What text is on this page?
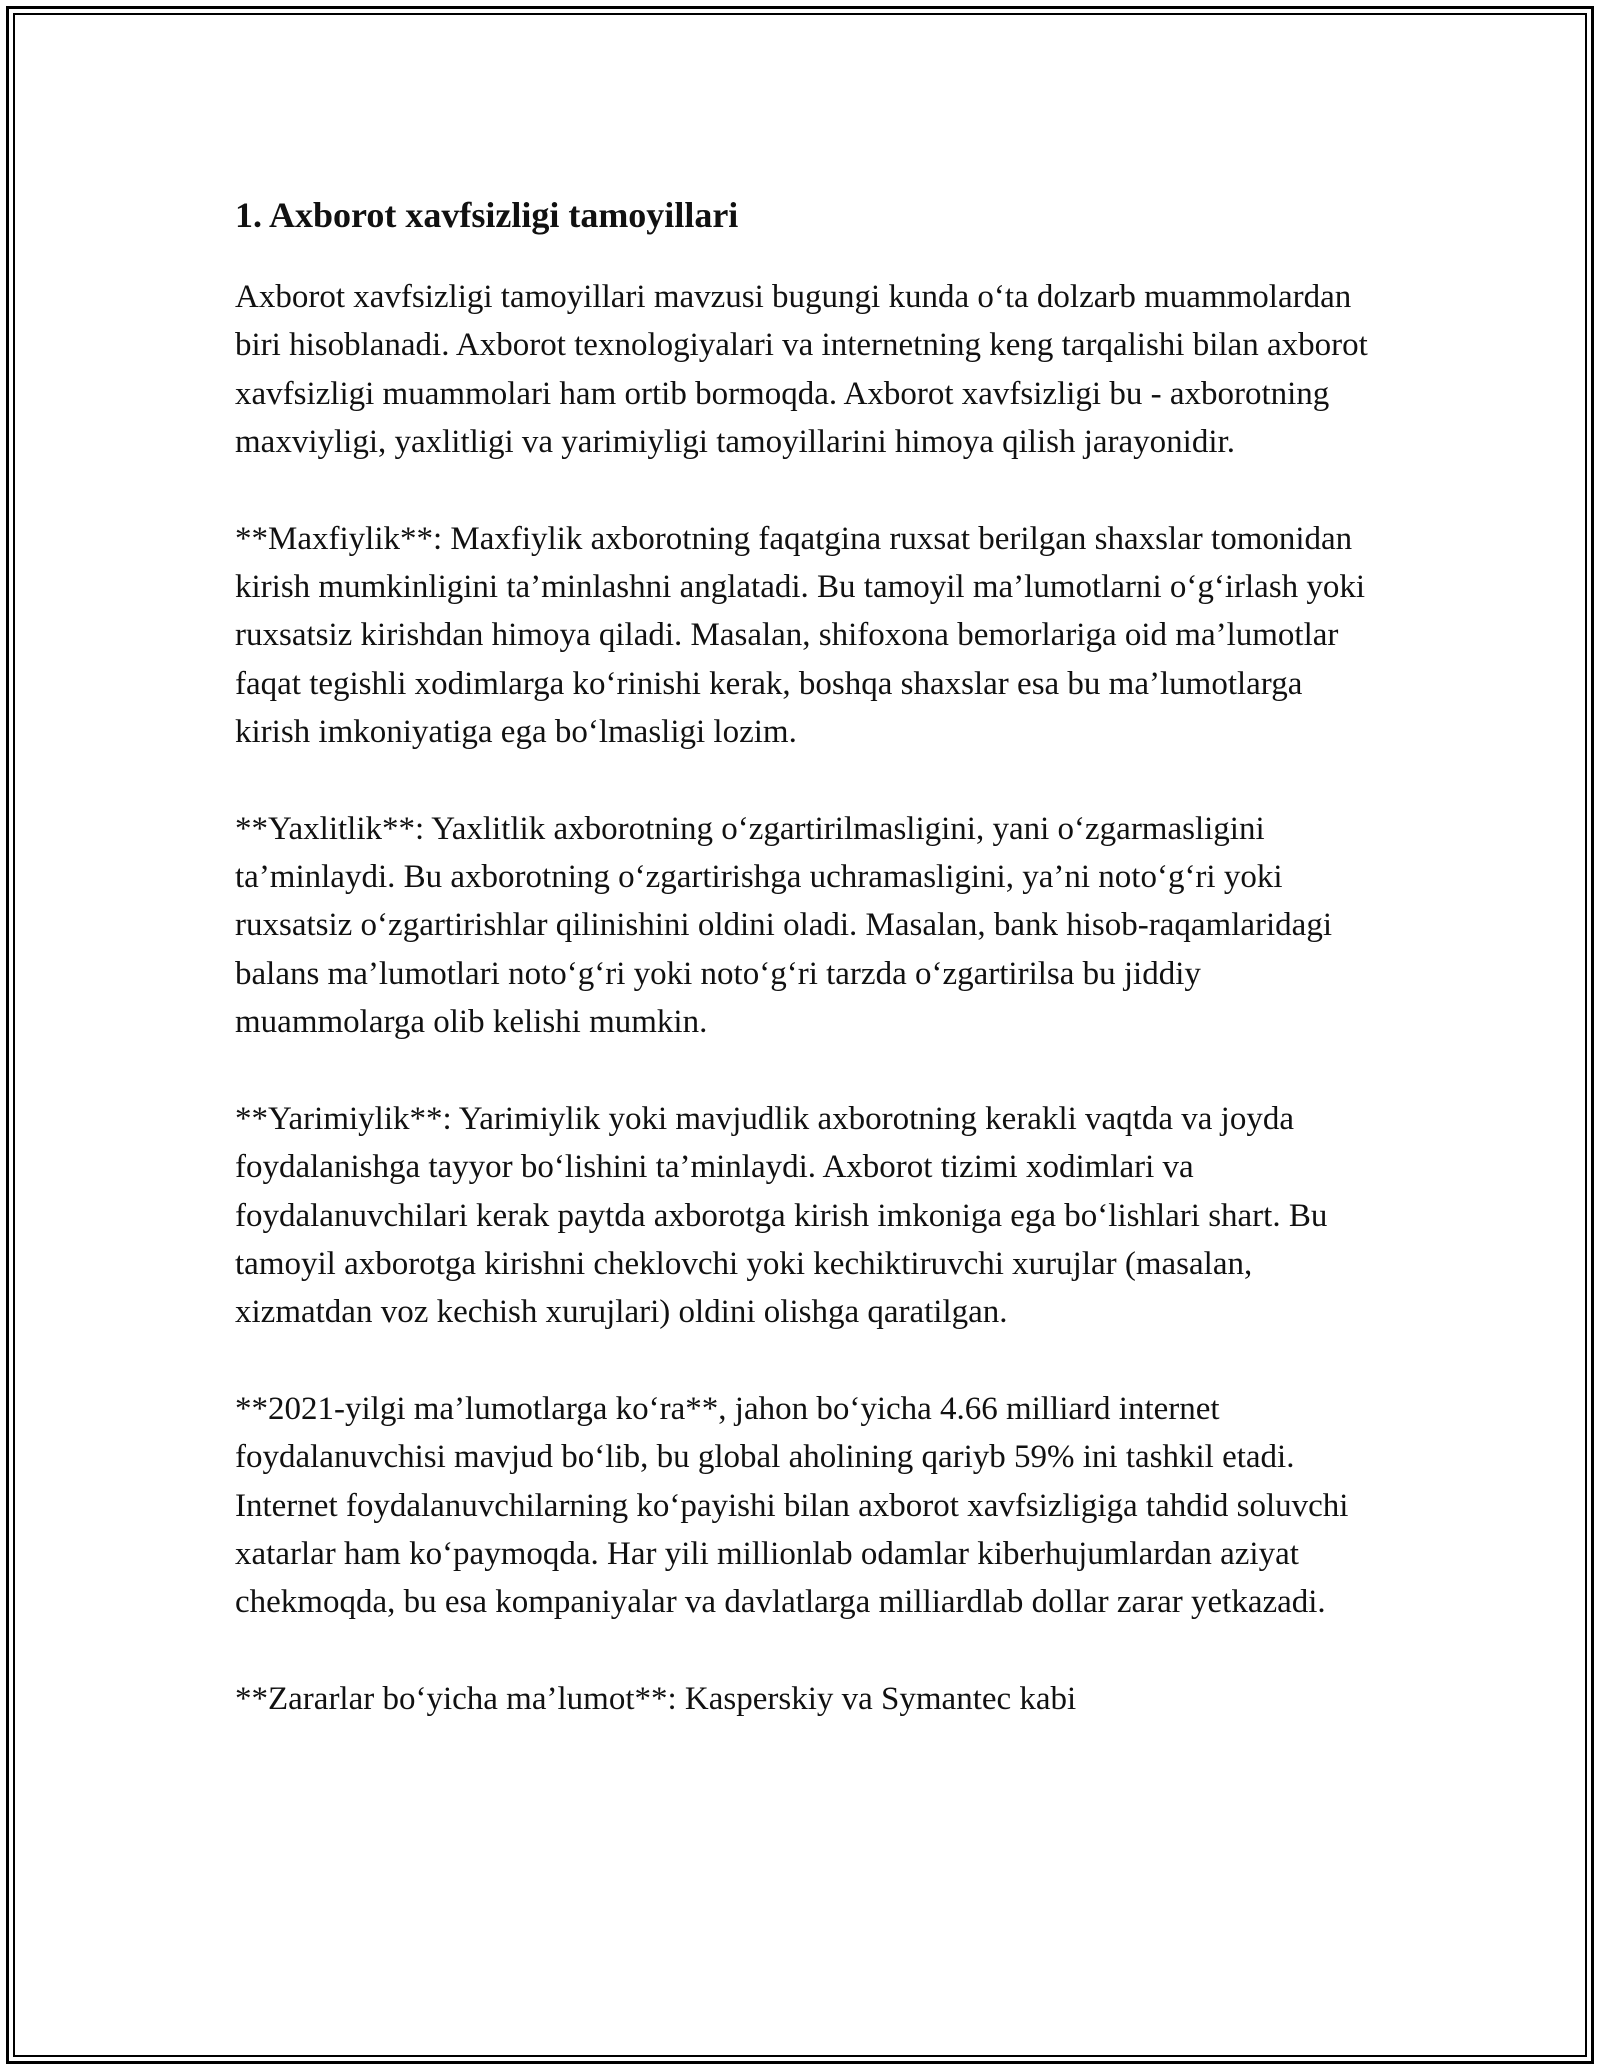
1. Axborot xavfsizligi tamoyillari

Axborot xavfsizligi tamoyillari mavzusi bugungi kunda o‘ta dolzarb muammolardan biri hisoblanadi. Axborot texnologiyalari va internetning keng tarqalishi bilan axborot xavfsizligi muammolari ham ortib bormoqda. Axborot xavfsizligi bu - axborotning maxviyligi, yaxlitligi va yarimiyligi tamoyillarini himoya qilish jarayonidir.

**Maxfiylik**: Maxfiylik axborotning faqatgina ruxsat berilgan shaxslar tomonidan kirish mumkinligini ta’minlashni anglatadi. Bu tamoyil ma’lumotlarni o‘g‘irlash yoki ruxsatsiz kirishdan himoya qiladi. Masalan, shifoxona bemorlariga oid ma’lumotlar faqat tegishli xodimlarga ko‘rinishi kerak, boshqa shaxslar esa bu ma’lumotlarga kirish imkoniyatiga ega bo‘lmasligi lozim.

**Yaxlitlik**: Yaxlitlik axborotning o‘zgartirilmasligini, yani o‘zgarmasligini ta’minlaydi. Bu axborotning o‘zgartirishga uchramasligini, ya’ni noto‘g‘ri yoki ruxsatsiz o‘zgartirishlar qilinishini oldini oladi. Masalan, bank hisob-raqamlaridagi balans ma’lumotlari noto‘g‘ri yoki noto‘g‘ri tarzda o‘zgartirilsa bu jiddiy muammolarga olib kelishi mumkin.

**Yarimiylik**: Yarimiylik yoki mavjudlik axborotning kerakli vaqtda va joyda foydalanishga tayyor bo‘lishini ta’minlaydi. Axborot tizimi xodimlari va foydalanuvchilari kerak paytda axborotga kirish imkoniga ega bo‘lishlari shart. Bu tamoyil axborotga kirishni cheklovchi yoki kechiktiruvchi xurujlar (masalan, xizmatdan voz kechish xurujlari) oldini olishga qaratilgan.

**2021-yilgi ma’lumotlarga ko‘ra**, jahon bo‘yicha 4.66 milliard internet foydalanuvchisi mavjud bo‘lib, bu global aholining qariyb 59% ini tashkil etadi. Internet foydalanuvchilarning ko‘payishi bilan axborot xavfsizligiga tahdid soluvchi xatarlar ham ko‘paymoqda. Har yili millionlab odamlar kiberhujumlardan aziyat chekmoqda, bu esa kompaniyalar va davlatlarga milliardlab dollar zarar yetkazadi.

**Zararlar bo‘yicha ma’lumot**: Kasperskiy va Symantec kabi
